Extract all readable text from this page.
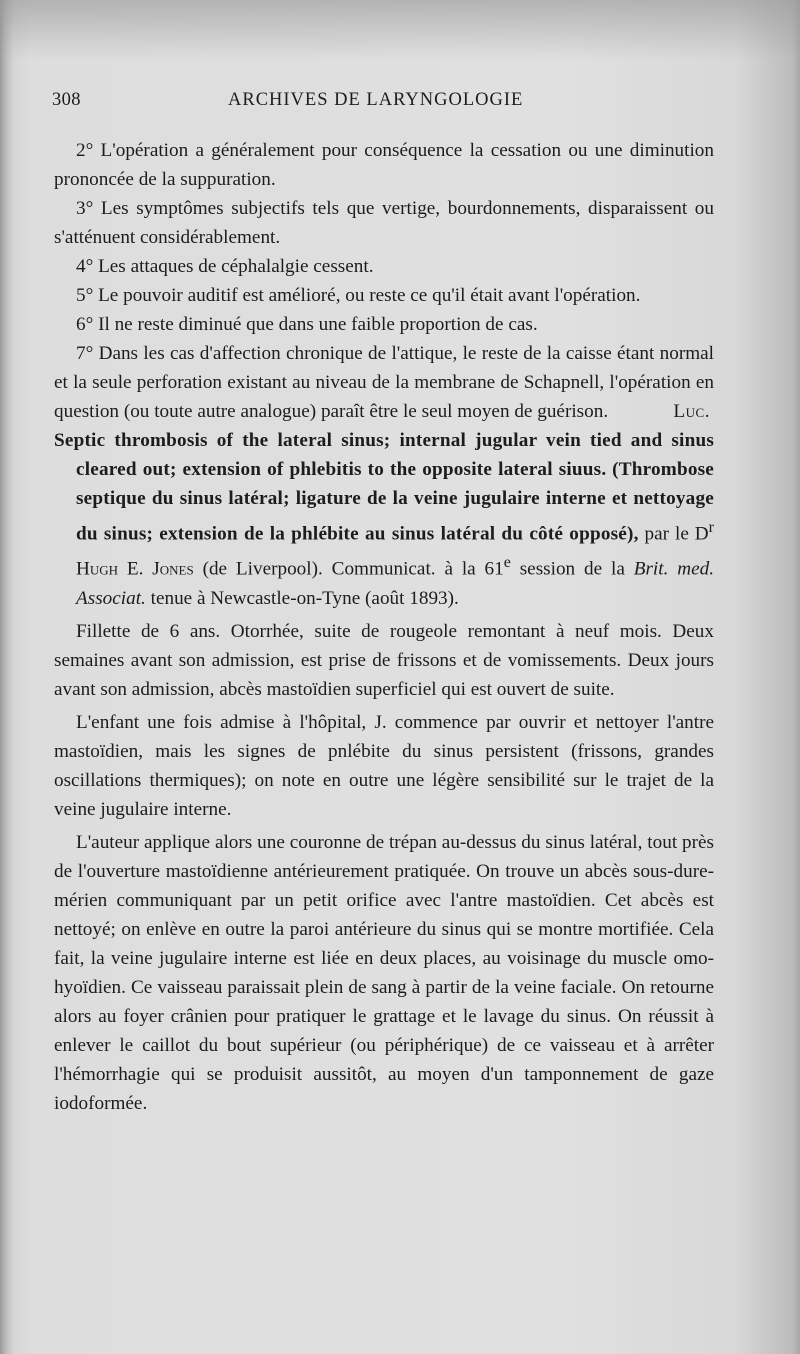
308	ARCHIVES DE LARYNGOLOGIE

2° L'opération a généralement pour conséquence la cessation ou une diminution prononcée de la suppuration.

3° Les symptômes subjectifs tels que vertige, bourdonnements, disparaissent ou s'atténuent considérablement.

4° Les attaques de céphalalgie cessent.

5° Le pouvoir auditif est amélioré, ou reste ce qu'il était avant l'opération.

6° Il ne reste diminué que dans une faible proportion de cas.

7° Dans les cas d'affection chronique de l'attique, le reste de la caisse étant normal et la seule perforation existant au niveau de la membrane de Schapnell, l'opération en question (ou toute autre analogue) paraît être le seul moyen de guérison.	Luc.

Septic thrombosis of the lateral sinus; internal jugular vein tied and sinus cleared out; extension of phlebitis to the opposite lateral siuus. (Thrombose septique du sinus latéral; ligature de la veine jugulaire interne et nettoyage du sinus; extension de la phlébite au sinus latéral du côté opposé), par le $D^r$ Hugh E. Jones (de Liverpool). Communicat. à la 61e session de la Brit. med. Associat. tenue à Newcastle-on-Tyne (août 1893).

Fillette de 6 ans. Otorrhée, suite de rougeole remontant à neuf mois. Deux semaines avant son admission, est prise de frissons et de vomissements. Deux jours avant son admission, abcès mastoïdien superficiel qui est ouvert de suite.

L'enfant une fois admise à l'hôpital, J. commence par ouvrir et nettoyer l'antre mastoïdien, mais les signes de pnlébite du sinus persistent (frissons, grandes oscillations thermiques); on note en outre une légère sensibilité sur le trajet de la veine jugulaire interne.

L'auteur applique alors une couronne de trépan au-dessus du sinus latéral, tout près de l'ouverture mastoïdienne antérieurement pratiquée. On trouve un abcès sous-dure-mérien communiquant par un petit orifice avec l'antre mastoïdien. Cet abcès est nettoyé; on enlève en outre la paroi antérieure du sinus qui se montre mortifiée. Cela fait, la veine jugulaire interne est liée en deux places, au voisinage du muscle omo-hyoïdien. Ce vaisseau paraissait plein de sang à partir de la veine faciale. On retourne alors au foyer crânien pour pratiquer le grattage et le lavage du sinus. On réussit à enlever le caillot du bout supérieur (ou périphérique) de ce vaisseau et à arrêter l'hémorrhagie qui se produisit aussitôt, au moyen d'un tamponnement de gaze iodoformée.
